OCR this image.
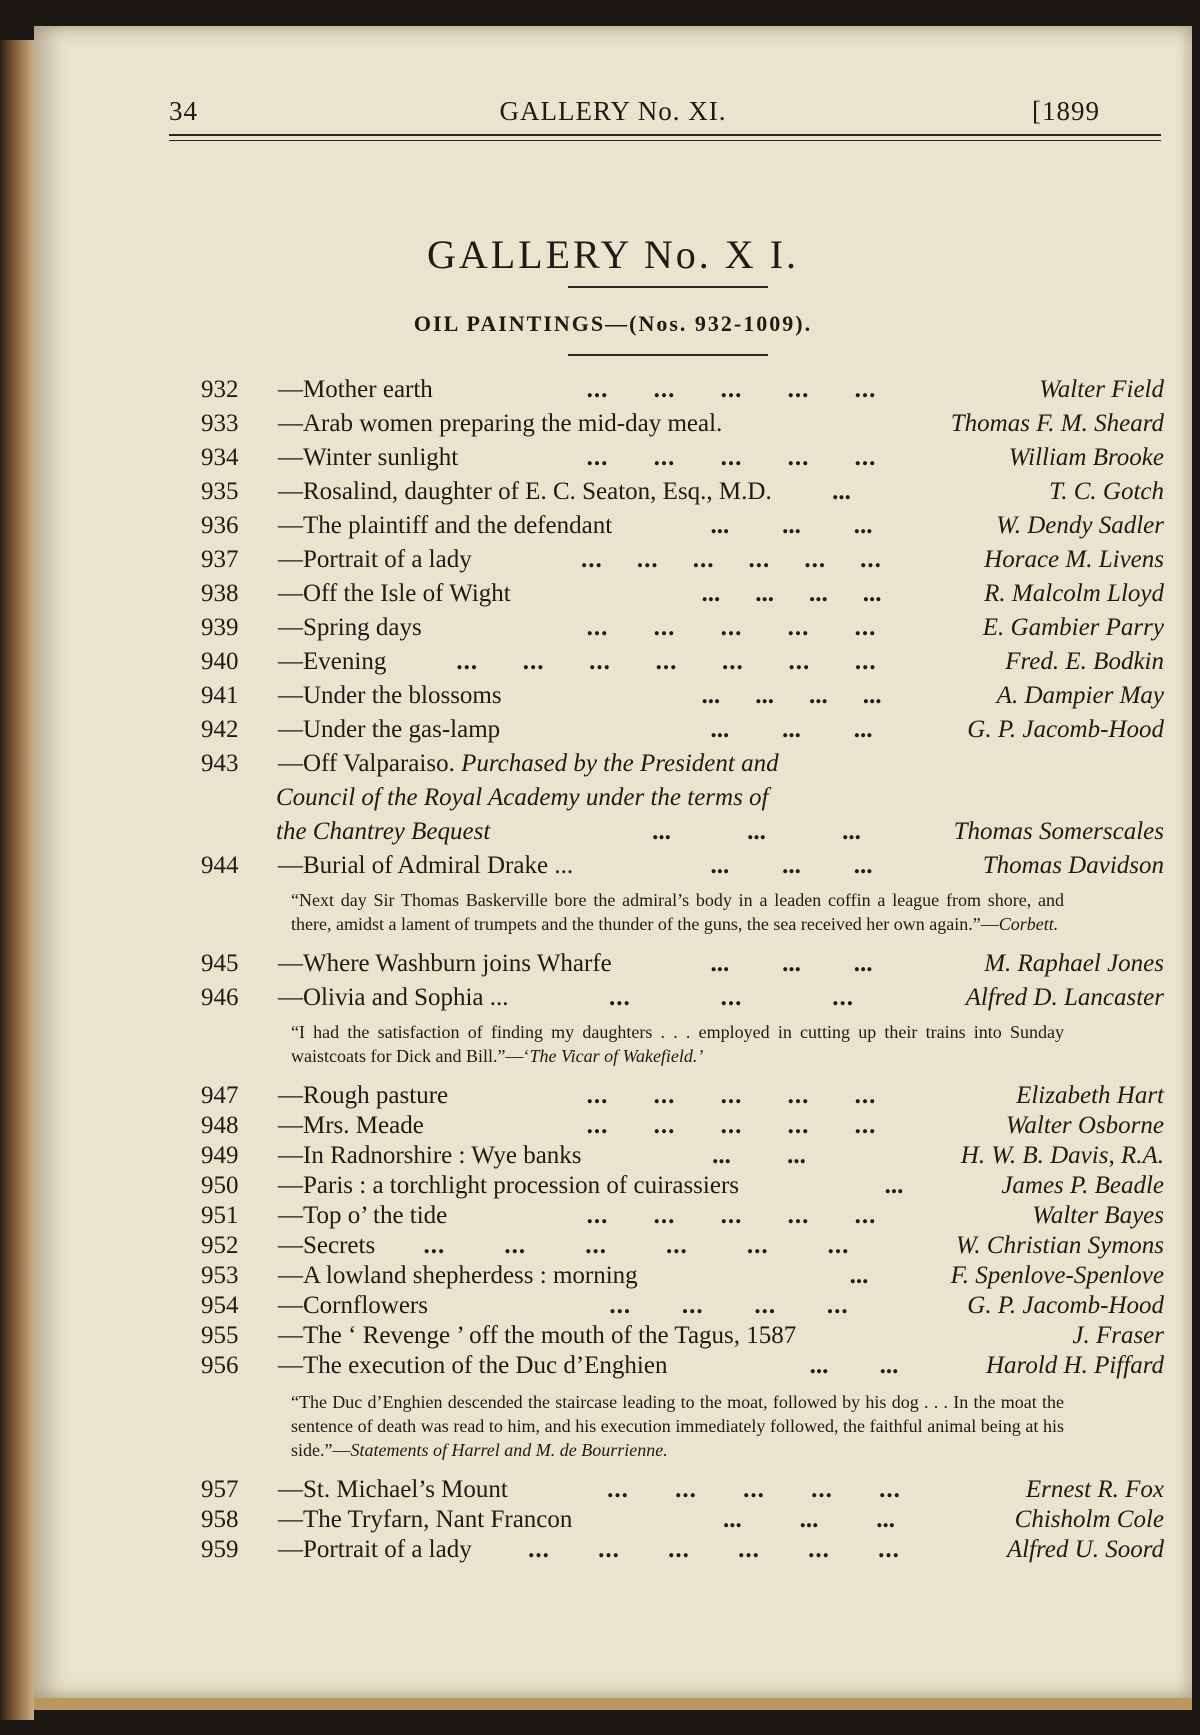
34	GALLERY No. XI.	[1899
GALLERY No. X I.
OIL PAINTINGS—(Nos. 932-1009).
932 —Mother earth	... ... ... ... ...	Walter Field
933 —Arab women preparing the mid-day meal.	Thomas F. M. Sheard
934 —Winter sunlight	... ... ... ... ...	William Brooke
935 —Rosalind, daughter of E. C. Seaton, Esq., M.D. ...	T. C. Gotch
936 —The plaintiff and the defendant	... ... ...	W. Dendy Sadler
937 —Portrait of a lady	... ... ... ... ... ...	Horace M. Livens
938 —Off the Isle of Wight	... ... ... ...	R. Malcolm Lloyd
939 —Spring days	... ... ... ... ...	E. Gambier Parry
940 —Evening	... ... ... ... ... ... ...	Fred. E. Bodkin
941 —Under the blossoms	... ... ... ...	A. Dampier May
942 —Under the gas-lamp	... ... ...	G. P. Jacomb-Hood
943 —Off Valparaiso. Purchased by the President and
Council of the Royal Academy under the terms of
the Chantrey Bequest	...	...	...	Thomas Somerscales
944 —Burial of Admiral Drake ...	... ... ...	Thomas Davidson
“Next day Sir Thomas Baskerville bore the admiral’s body in a leaden coffin a league from shore, and there, amidst a lament of trumpets and the thunder of the guns, the sea received her own again.”—Corbett.
945 —Where Washburn joins Wharfe	... ... ...	M. Raphael Jones
946 —Olivia and Sophia ...	...	...	...	Alfred D. Lancaster
“I had the satisfaction of finding my daughters . . . employed in cutting up their trains into Sunday waistcoats for Dick and Bill.”—‘The Vicar of Wakefield.’
947 —Rough pasture	... ... ... ... ...	Elizabeth Hart
948 —Mrs. Meade	... ... ... ... ...	Walter Osborne
949 —In Radnorshire : Wye banks	... ...	H. W. B. Davis, R.A.
950 —Paris : a torchlight procession of cuirassiers	...	James P. Beadle
951 —Top o’ the tide	... ... ... ... ...	Walter Bayes
952 —Secrets ... ... ... ... ... ...	W. Christian Symons
953 —A lowland shepherdess : morning	...	F. Spenlove-Spenlove
954 —Cornflowers	... ... ... ...	G. P. Jacomb-Hood
955 —The ‘ Revenge ’ off the mouth of the Tagus, 1587	J. Fraser
956 —The execution of the Duc d’Enghien	... ...	Harold H. Piffard
“The Duc d’Enghien descended the staircase leading to the moat, followed by his dog . . . In the moat the sentence of death was read to him, and his execution immediately followed, the faithful animal being at his side.”—Statements of Harrel and M. de Bourrienne.
957 —St. Michael’s Mount	... ... ... ... ...	Ernest R. Fox
958 —The Tryfarn, Nant Francon	... ... ...	Chisholm Cole
959 —Portrait of a lady ... ... ... ... ... ...	Alfred U. Soord
